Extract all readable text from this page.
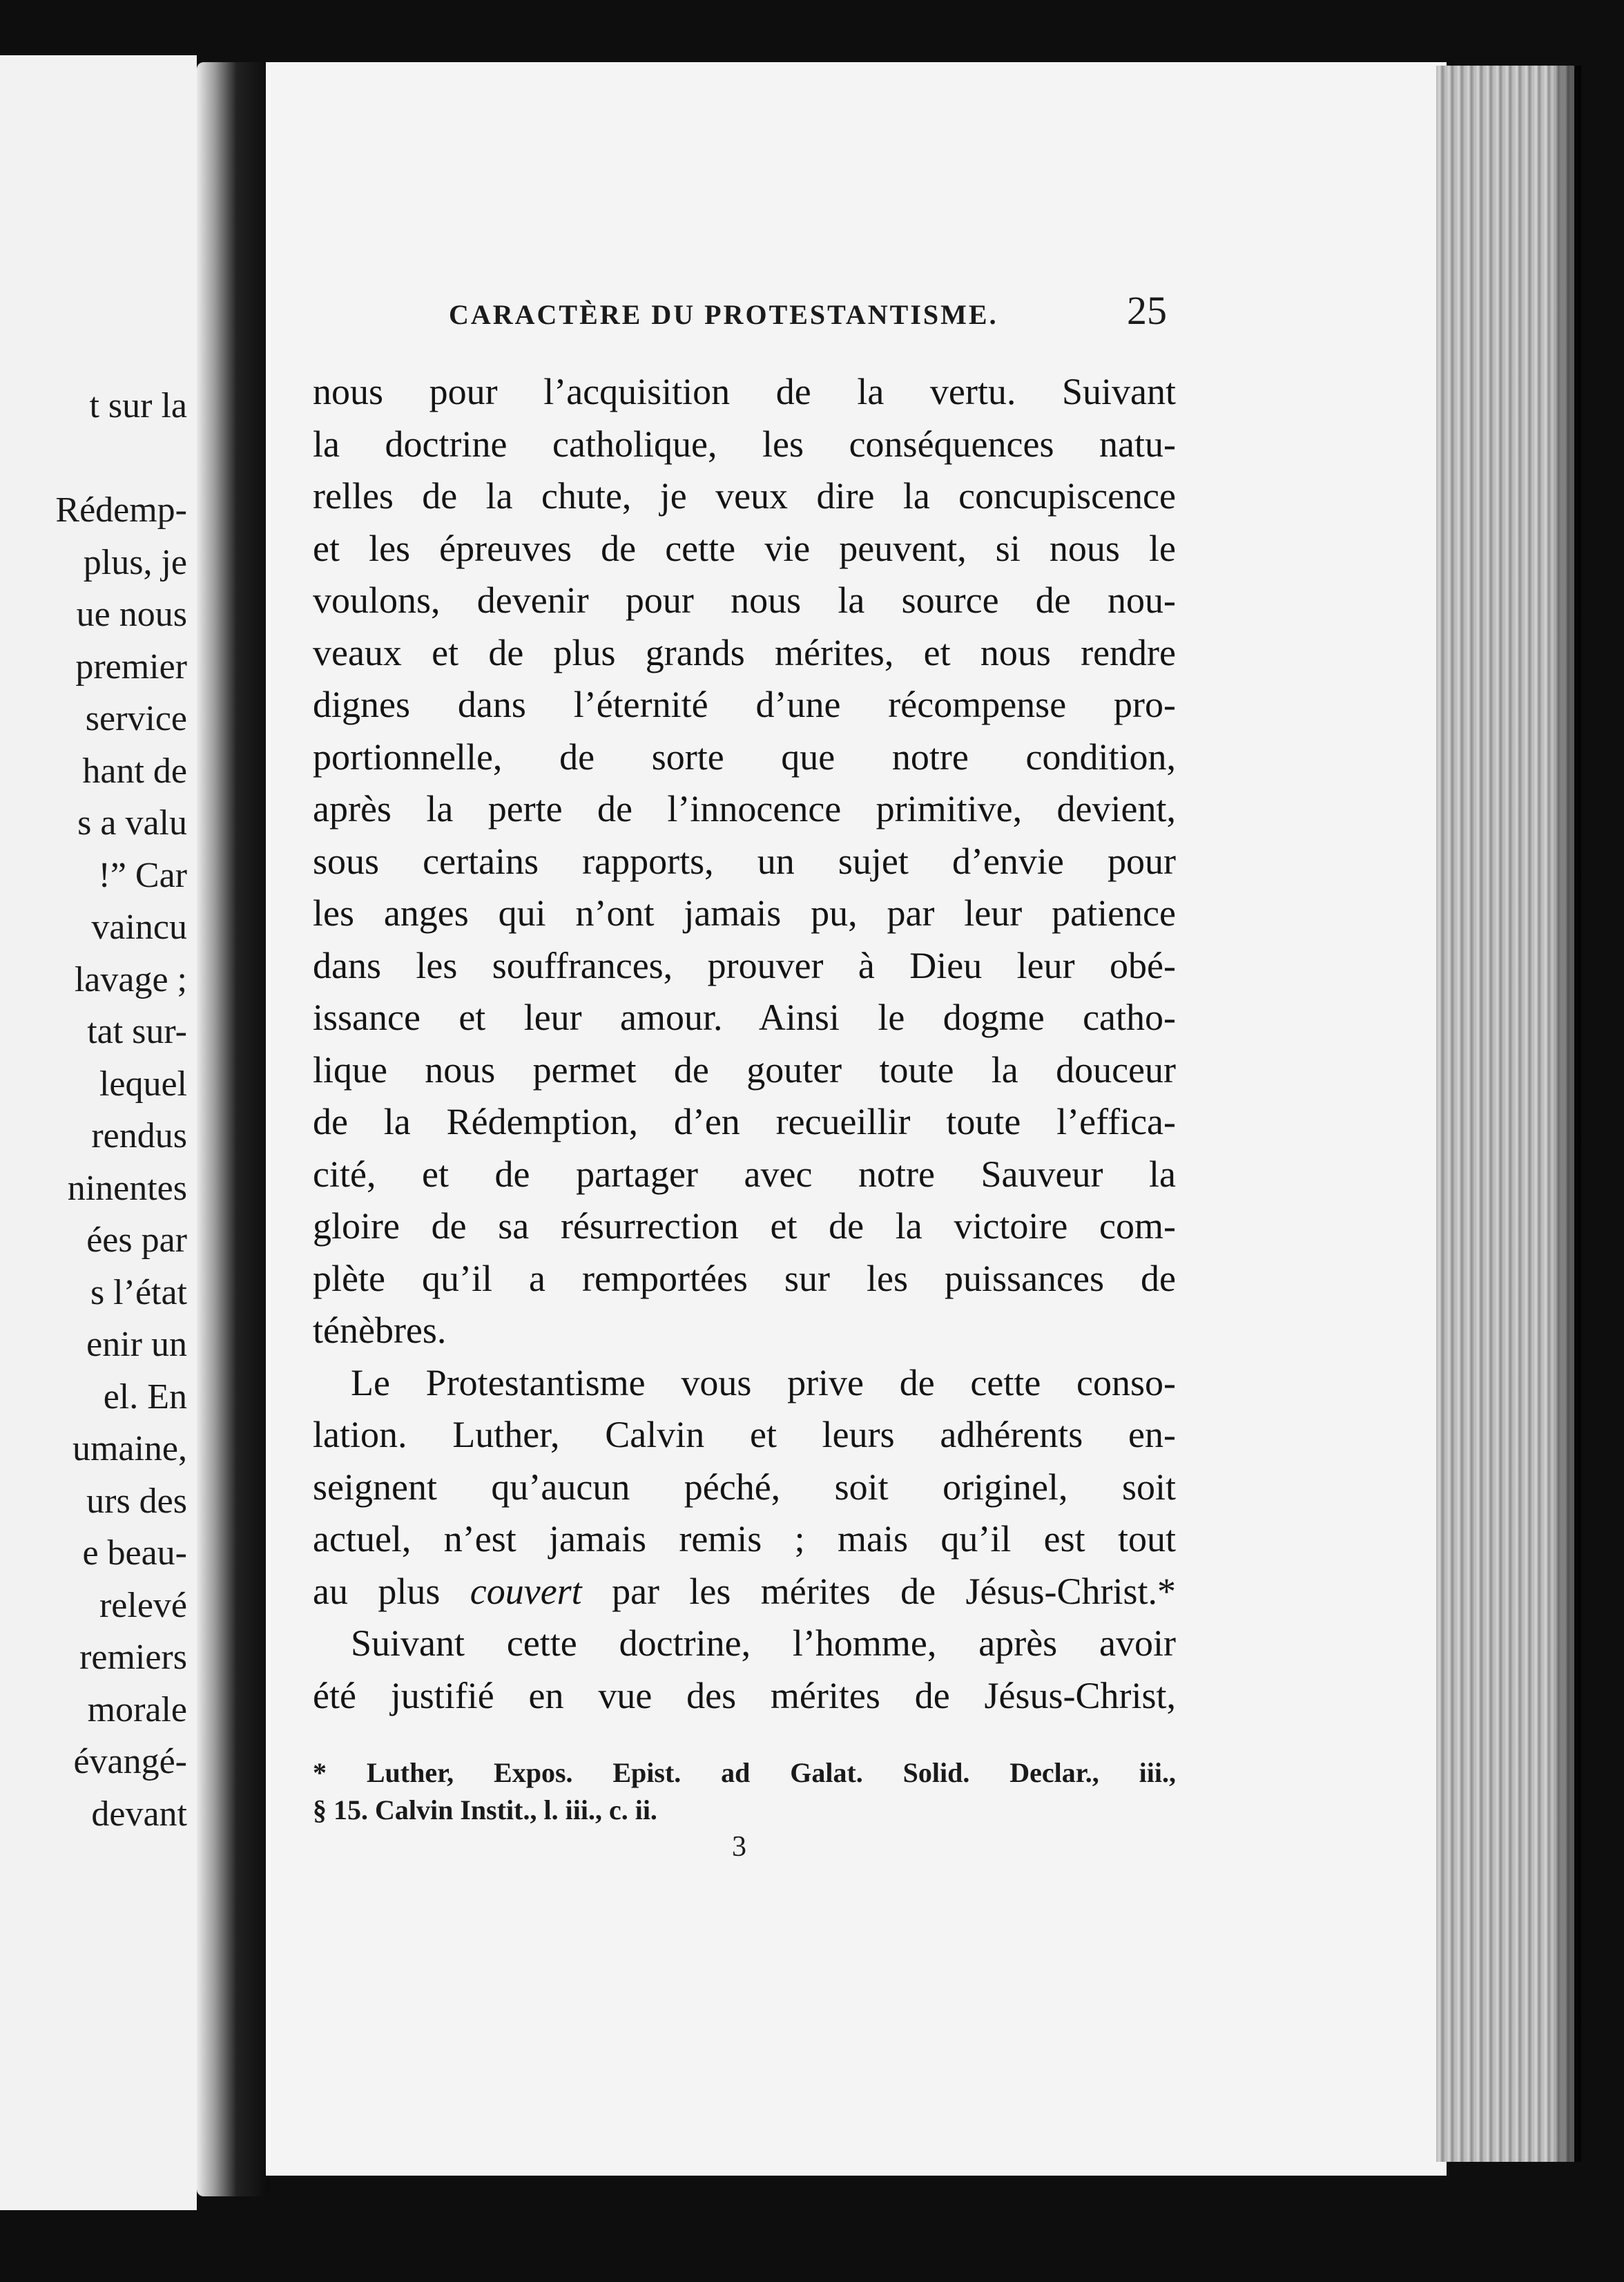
t sur la
Rédemp-
plus, je
ue nous
premier
service
hant de
s a valu
!” Car
vaincu
lavage ;
tat sur-
lequel
rendus
ninentes
ées par
s l’état
enir un
el. En
umaine,
urs des
e beau-
relevé
remiers
morale
évangé-
devant
CARACTÈRE DU PROTESTANTISME.	25
nous pour l’acquisition de la vertu. Suivant
la doctrine catholique, les conséquences natu-
relles de la chute, je veux dire la concupiscence
et les épreuves de cette vie peuvent, si nous le
voulons, devenir pour nous la source de nou-
veaux et de plus grands mérites, et nous rendre
dignes dans l’éternité d’une récompense pro-
portionnelle, de sorte que notre condition,
après la perte de l’innocence primitive, devient,
sous certains rapports, un sujet d’envie pour
les anges qui n’ont jamais pu, par leur patience
dans les souffrances, prouver à Dieu leur obé-
issance et leur amour. Ainsi le dogme catho-
lique nous permet de gouter toute la douceur
de la Rédemption, d’en recueillir toute l’effica-
cité, et de partager avec notre Sauveur la
gloire de sa résurrection et de la victoire com-
plète qu’il a remportées sur les puissances de
ténèbres.
Le Protestantisme vous prive de cette conso-
lation. Luther, Calvin et leurs adhérents en-
seignent qu’aucun péché, soit originel, soit
actuel, n’est jamais remis ; mais qu’il est tout
au plus couvert par les mérites de Jésus-Christ.*
Suivant cette doctrine, l’homme, après avoir
été justifié en vue des mérites de Jésus-Christ,
* Luther, Expos. Epist. ad Galat. Solid. Declar., iii.,
§ 15. Calvin Instit., l. iii., c. ii.
3
